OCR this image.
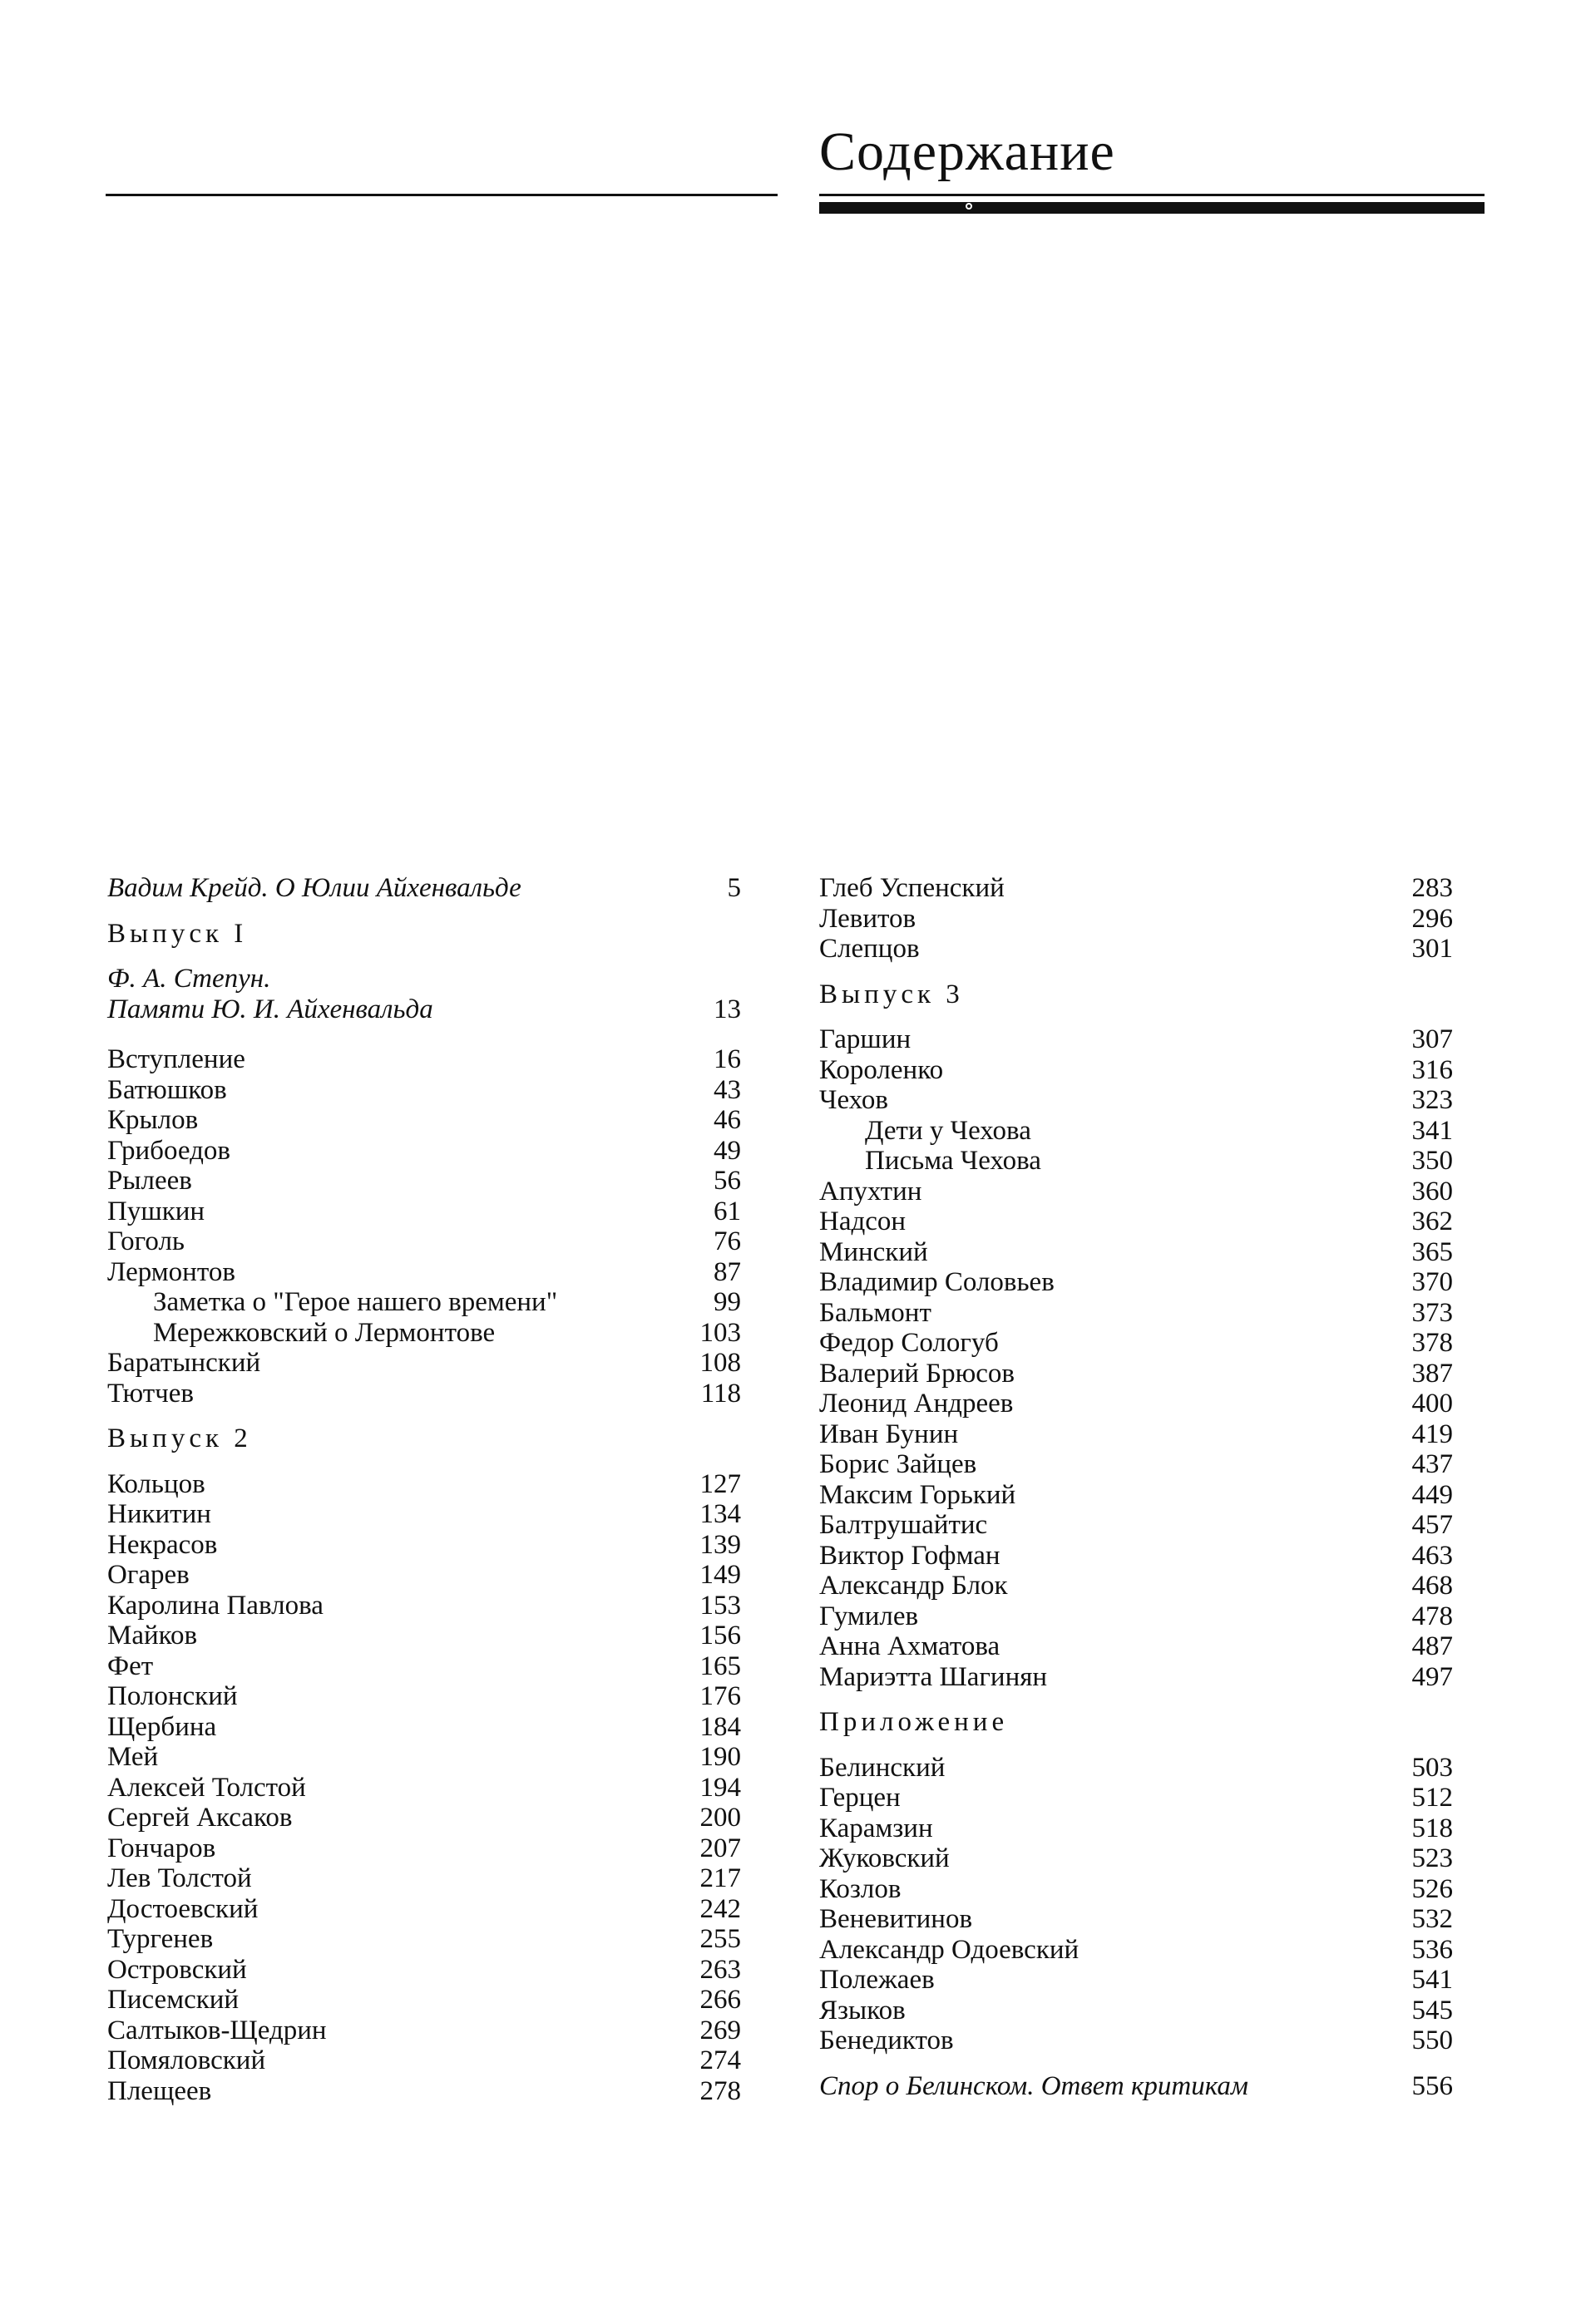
Содержание
Вадим Крейд. О Юлии Айхенвальде	5
Выпуск I
Ф. А. Степун.
Памяти Ю. И. Айхенвальда	13
Вступление	16
Батюшков	43
Крылов	46
Грибоедов	49
Рылеев	56
Пушкин	61
Гоголь	76
Лермонтов	87
Заметка о "Герое нашего времени"	99
Мережковский о Лермонтове	103
Баратынский	108
Тютчев	118
Выпуск 2
Кольцов	127
Никитин	134
Некрасов	139
Огарев	149
Каролина Павлова	153
Майков	156
Фет	165
Полонский	176
Щербина	184
Мей	190
Алексей Толстой	194
Сергей Аксаков	200
Гончаров	207
Лев Толстой	217
Достоевский	242
Тургенев	255
Островский	263
Писемский	266
Салтыков-Щедрин	269
Помяловский	274
Плещеев	278
Глеб Успенский	283
Левитов	296
Слепцов	301
Выпуск 3
Гаршин	307
Короленко	316
Чехов	323
Дети у Чехова	341
Письма Чехова	350
Апухтин	360
Надсон	362
Минский	365
Владимир Соловьев	370
Бальмонт	373
Федор Сологуб	378
Валерий Брюсов	387
Леонид Андреев	400
Иван Бунин	419
Борис Зайцев	437
Максим Горький	449
Балтрушайтис	457
Виктор Гофман	463
Александр Блок	468
Гумилев	478
Анна Ахматова	487
Мариэтта Шагинян	497
Приложение
Белинский	503
Герцен	512
Карамзин	518
Жуковский	523
Козлов	526
Веневитинов	532
Александр Одоевский	536
Полежаев	541
Языков	545
Бенедиктов	550
Спор о Белинском. Ответ критикам	556
